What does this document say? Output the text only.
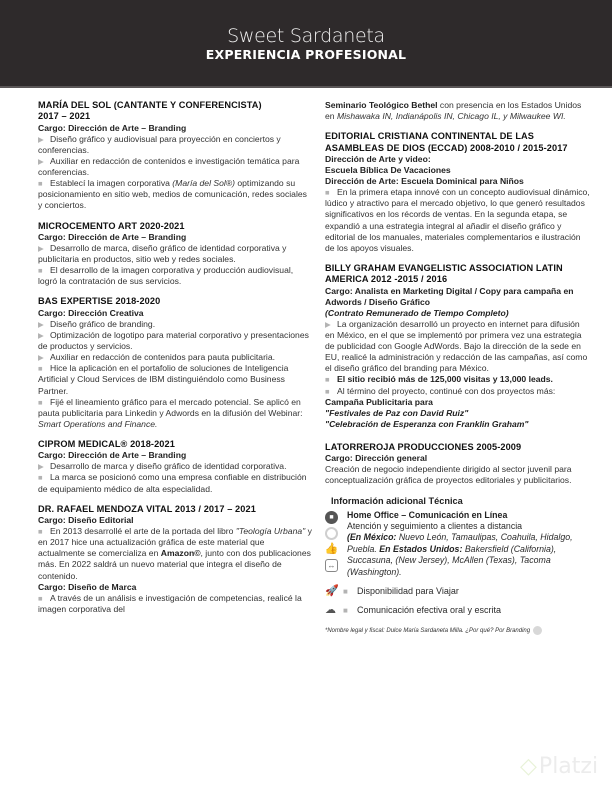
Sweet Sardaneta
EXPERIENCIA PROFESIONAL
MARÍA DEL SOL (CANTANTE Y CONFERENCISTA)
2017 – 2021
Cargo: Dirección de Arte – Branding
▶ Diseño gráfico y audiovisual para proyección en conciertos y conferencias.
▶ Auxiliar en redacción de contenidos e investigación temática para conferencias.
■ Establecí la imagen corporativa (María del Sol®) optimizando su posicionamiento en sitio web, medios de comunicación, redes sociales y conciertos.
MICROCEMENTO ART 2020-2021
Cargo: Dirección de Arte – Branding
▶ Desarrollo de marca, diseño gráfico de identidad corporativa y publicitaria en productos, sitio web y redes sociales.
■ El desarrollo de la imagen corporativa y producción audiovisual, logró la contratación de sus servicios.
BAS EXPERTISE 2018-2020
Cargo: Dirección Creativa
▶ Diseño gráfico de branding.
▶ Optimización de logotipo para material corporativo y presentaciones de productos y servicios.
▶ Auxiliar en redacción de contenidos para pauta publicitaria.
■ Hice la aplicación en el portafolio de soluciones de Inteligencia Artificial y Cloud Services de IBM distinguiéndolo como Business Partner.
■ Fijé el lineamiento gráfico para el mercado potencial. Se aplicó en pauta publicitaria para Linkedin y Adwords en la difusión del Webinar: Smart Operations and Finance.
CIPROM MEDICAL® 2018-2021
Cargo: Dirección de Arte – Branding
▶ Desarrollo de marca y diseño gráfico de identidad corporativa.
■ La marca se posicionó como una empresa confiable en distribución de equipamiento médico de alta especialidad.
DR. RAFAEL MENDOZA VITAL 2013 / 2017 – 2021
Cargo: Diseño Editorial
■ En 2013 desarrollé el arte de la portada del libro "Teología Urbana" y en 2017 hice una actualización gráfica de este material que actualmente se comercializa en Amazon©, junto con dos publicaciones más. En 2022 saldrá un nuevo material que integra el diseño de contenido.
Cargo: Diseño de Marca
■ A través de un análisis e investigación de competencias, realicé la imagen corporativa del
Seminario Teológico Bethel con presencia en los Estados Unidos en Mishawaka IN, Indianápolis IN, Chicago IL, y Milwaukee WI.
EDITORIAL CRISTIANA CONTINENTAL DE LAS ASAMBLEAS DE DIOS (ECCAD) 2008-2010 / 2015-2017
Dirección de Arte y video:
Escuela Bíblica De Vacaciones
Dirección de Arte: Escuela Dominical para Niños
■ En la primera etapa innové con un concepto audiovisual dinámico, lúdico y atractivo para el mercado objetivo, lo que generó resultados significativos en los récords de ventas. En la segunda etapa, se expandió a una estrategia integral al añadir el diseño gráfico y editorial de los manuales, materiales complementarios e ilustración de los apoyos visuales.
BILLY GRAHAM EVANGELISTIC ASSOCIATION LATIN AMERICA 2012 -2015 / 2016
Cargo: Analista en Marketing Digital / Copy para campaña en Adwords / Diseño Gráfico
(Contrato Remunerado de Tiempo Completo)
▶ La organización desarrolló un proyecto en internet para difusión en México, en el que se implementó por primera vez una estrategia de publicidad con Google AdWords. Bajo la dirección de la sede en EU, realicé la administración y redacción de las campañas, así como el diseño gráfico del branding para México.
■ El sitio recibió más de 125,000 visitas y 13,000 leads.
■ Al término del proyecto, continué con dos proyectos más:
Campaña Publicitaria para
"Festivales de Paz con David Ruiz"
"Celebración de Esperanza con Franklin Graham"
LATORREROJA PRODUCCIONES 2005-2009
Cargo: Dirección general
Creación de negocio independiente dirigido al sector juvenil para conceptualización gráfica de proyectos editoriales y publicitarios.
Información adicional Técnica
■
👍
↔
Home Office – Comunicación en Línea
Atención y seguimiento a clientes a distancia
(En México: Nuevo León, Tamaulipas, Coahuila, Hidalgo, Puebla. En Estados Unidos: Bakersfield (California), Succasuna, (New Jersey), McAllen (Texas), Tacoma (Washington).
🚀 ■	Disponibilidad para Viajar
☁ ■	Comunicación efectiva oral y escrita
*Nombre legal y fiscal: Dulce María Sardaneta Milla. ¿Por qué? Por Branding
◇Platzi
